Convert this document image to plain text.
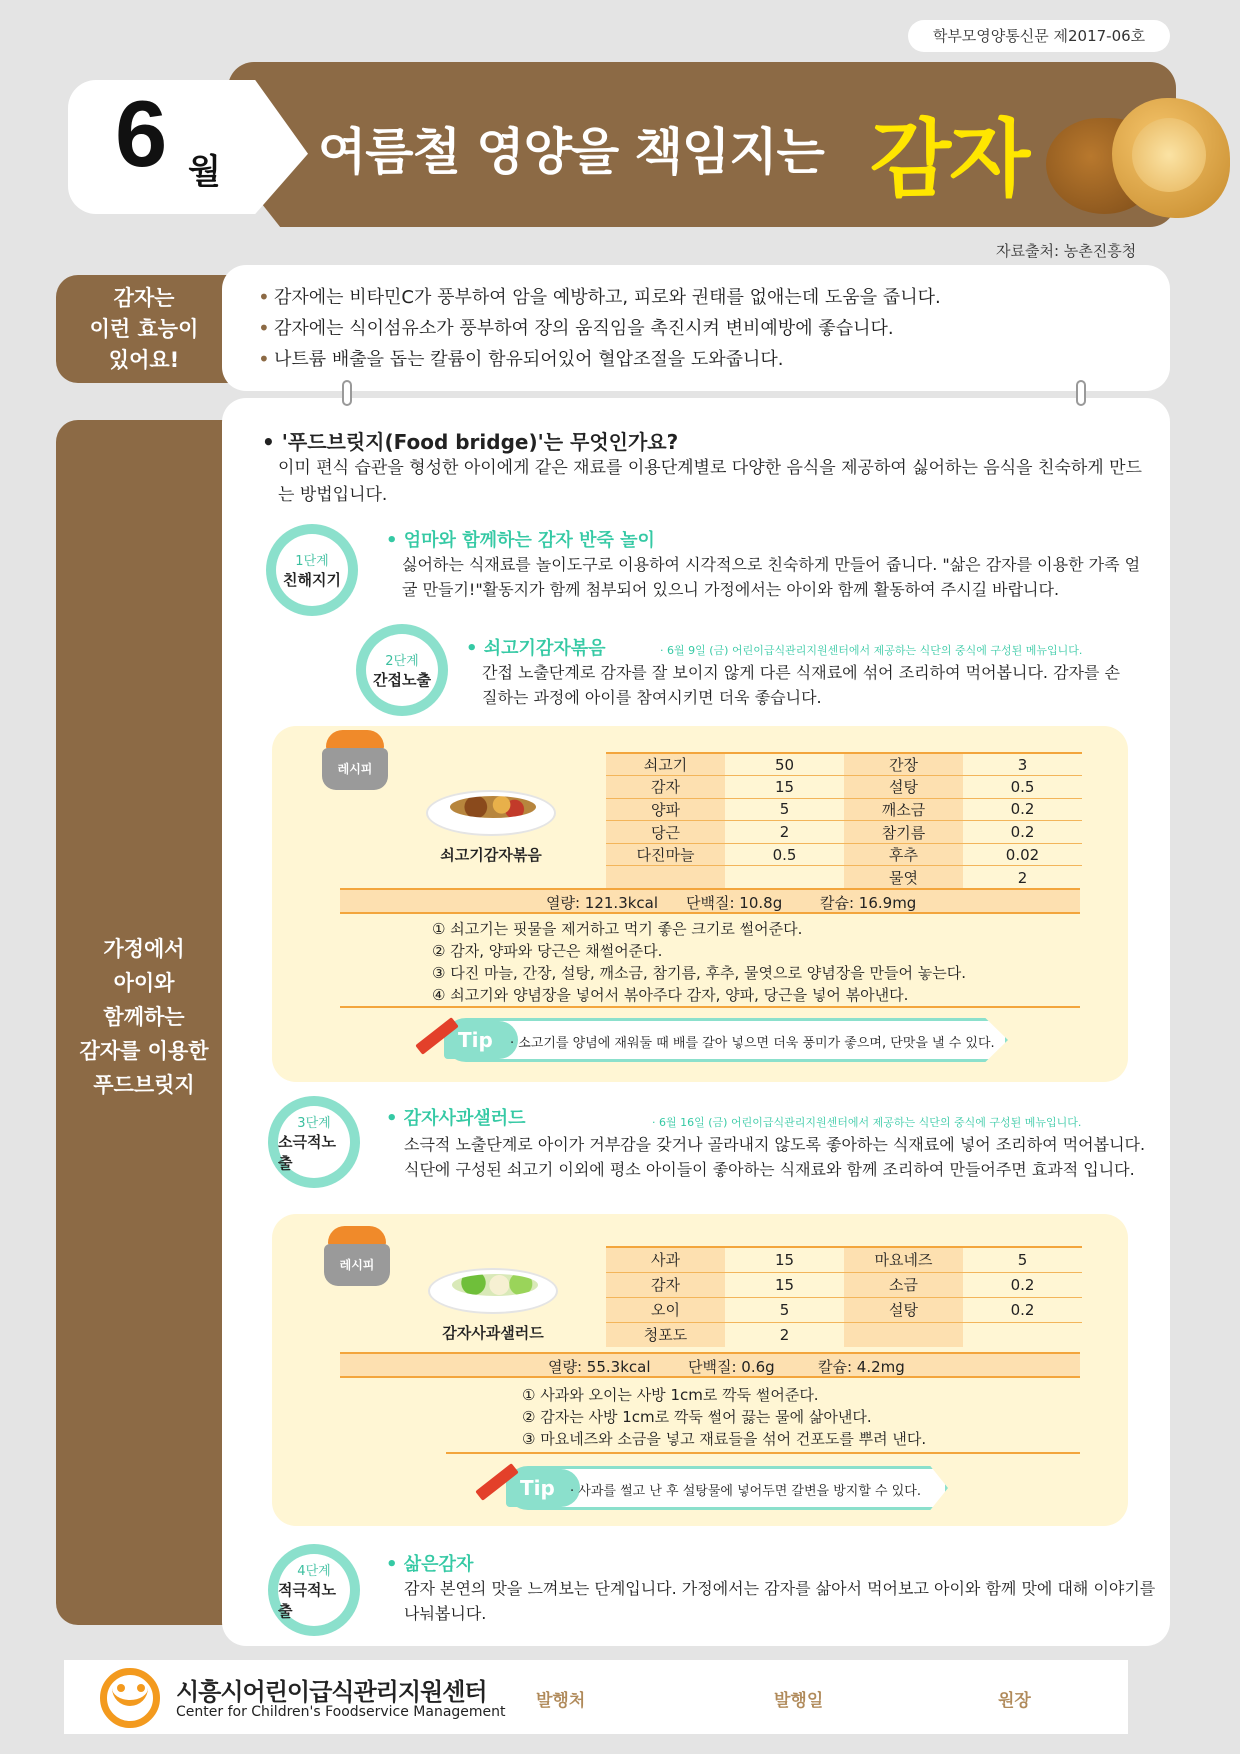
학부모영양통신문 제2017-06호
6 월 여름철 영양을 책임지는 감자
자료출처: 농촌진흥청
감자는
이런 효능이
있어요!
• 감자에는 비타민C가 풍부하여 암을 예방하고, 피로와 권태를 없애는데 도움을 줍니다.
• 감자에는 식이섬유소가 풍부하여 장의 움직임을 촉진시켜 변비예방에 좋습니다.
• 나트륨 배출을 돕는 칼륨이 함유되어있어 혈압조절을 도와줍니다.
가정에서
아이와
함께하는
감자를 이용한
푸드브릿지
• '푸드브릿지(Food bridge)'는 무엇인가요?
이미 편식 습관을 형성한 아이에게 같은 재료를 이용단계별로 다양한 음식을 제공하여 싫어하는 음식을 친숙하게 만드는 방법입니다.
1단계
친해지기
• 엄마와 함께하는 감자 반죽 놀이
싫어하는 식재료를 놀이도구로 이용하여 시각적으로 친숙하게 만들어 줍니다. "삶은 감자를 이용한 가족 얼굴 만들기!"활동지가 함께 첨부되어 있으니 가정에서는 아이와 함께 활동하여 주시길 바랍니다.
2단계
간접노출
• 쇠고기감자볶음	· 6월 9일 (금) 어린이급식관리지원센터에서 제공하는 식단의 중식에 구성된 메뉴입니다.
간접 노출단계로 감자를 잘 보이지 않게 다른 식재료에 섞어 조리하여 먹어봅니다. 감자를 손질하는 과정에 아이를 참여시키면 더욱 좋습니다.
레시피
쇠고기감자볶음
쇠고기	50	간장	3
감자	15	설탕	0.5
양파	5	깨소금	0.2
당근	2	참기름	0.2
다진마늘	0.5	후추	0.02
		물엿	2
열량: 121.3kcal 단백질: 10.8g	칼슘: 16.9mg
① 쇠고기는 핏물을 제거하고 먹기 좋은 크기로 썰어준다.
② 감자, 양파와 당근은 채썰어준다.
③ 다진 마늘, 간장, 설탕, 깨소금, 참기름, 후추, 물엿으로 양념장을 만들어 놓는다.
④ 쇠고기와 양념장을 넣어서 볶아주다 감자, 양파, 당근을 넣어 볶아낸다.
Tip	· 소고기를 양념에 재워둘 때 배를 갈아 넣으면 더욱 풍미가 좋으며, 단맛을 낼 수 있다.
3단계
소극적노출
• 감자사과샐러드	· 6월 16일 (금) 어린이급식관리지원센터에서 제공하는 식단의 중식에 구성된 메뉴입니다.
소극적 노출단계로 아이가 거부감을 갖거나 골라내지 않도록 좋아하는 식재료에 넣어 조리하여 먹어봅니다. 식단에 구성된 쇠고기 이외에 평소 아이들이 좋아하는 식재료와 함께 조리하여 만들어주면 효과적 입니다.
레시피
감자사과샐러드
사과	15	마요네즈	5
감자	15	소금	0.2
오이	5	설탕	0.2
청포도	2		
열량: 55.3kcal	단백질: 0.6g	칼슘: 4.2mg
① 사과와 오이는 사방 1cm로 깍둑 썰어준다.
② 감자는 사방 1cm로 깍둑 썰어 끓는 물에 삶아낸다.
③ 마요네즈와 소금을 넣고 재료들을 섞어 건포도를 뿌려 낸다.
Tip	· 사과를 썰고 난 후 설탕물에 넣어두면 갈변을 방지할 수 있다.
4단계
적극적노출
• 삶은감자
감자 본연의 맛을 느껴보는 단계입니다. 가정에서는 감자를 삶아서 먹어보고 아이와 함께 맛에 대해 이야기를 나눠봅니다.
시흥시어린이급식관리지원센터
Center for Children's Foodservice Management
발행처	발행일	원장
